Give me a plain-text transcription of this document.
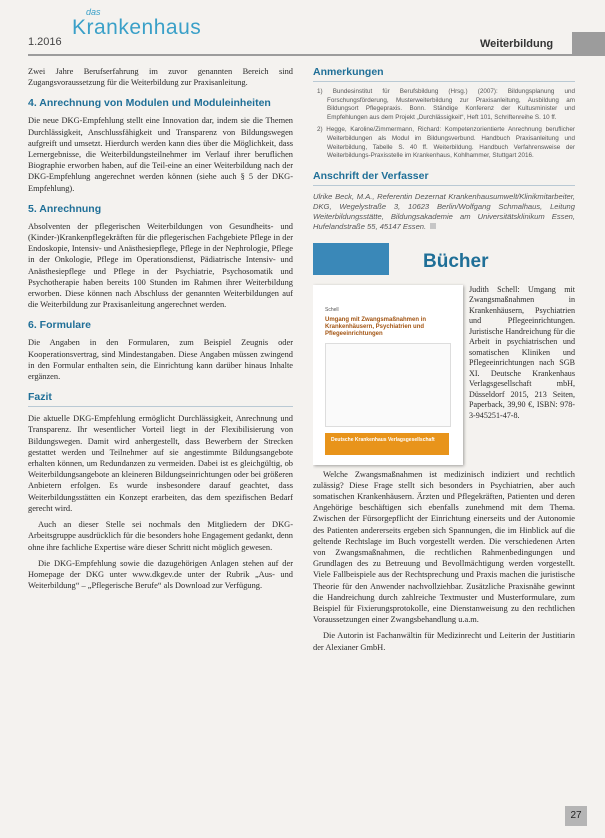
1.2016
das
Krankenhaus
Weiterbildung

Zwei Jahre Berufserfahrung im zuvor genannten Bereich sind Zugangsvoraussetzung für die Weiterbildung zur Praxisanleitung.

4. Anrechnung von Modulen und Moduleinheiten

Die neue DKG-Empfehlung stellt eine Innovation dar, indem sie die Themen Durchlässigkeit, Anschlussfähigkeit und Transparenz von Bildungswegen aufgreift und umsetzt. Hierdurch werden kann dies über die Möglichkeit, dass Lernergebnisse, die Weiterbildungsteilnehmer im Verlauf ihrer beruflichen Biographie erworben haben, auf die Teil-eine an einer Weiterbildung nach der DKG-Empfehlung angerechnet werden können (siehe auch § 5 der DKG-Empfehlung).

5. Anrechnung

Absolventen der pflegerischen Weiterbildungen von Gesundheits- und (Kinder-)Krankenpflegekräften für die pflegerischen Fachgebiete Pflege in der Endoskopie, Intensiv- und Anästhesiepflege, Pflege in der Nephrologie, Pflege in der Onkologie, Pflege im Operationsdienst, Pädiatrische Intensiv- und Anästhesiepflege und Pflege in der Psychiatrie, Psychosomatik und Psychotherapie haben bereits 100 Stunden im Rahmen ihrer Weiterbildung erworben. Diese können nach Abschluss der genannten Weiterbildungen auf die Weiterbildung zur Praxisanleitung angerechnet werden.

6. Formulare

Die Angaben in den Formularen, zum Beispiel Zeugnis oder Kooperationsvertrag, sind Mindestangaben. Diese Angaben müssen zwingend in den Formular enthalten sein, die Einrichtung kann darüber hinaus Inhalte ergänzen.

Fazit

Die aktuelle DKG-Empfehlung ermöglicht Durchlässigkeit, Anrechnung und Transparenz. Ihr wesentlicher Vorteil liegt in der Flexibilisierung von Bildungswegen. Damit wird anhergestellt, dass Bewerbern der Strecken gestattet werden und Teilnehmer auf sie angestimmte Bildungsangebote erhalten können, um Redundanzen zu vermeiden. Dabei ist es gleichgültig, ob Weiterbildungsangebote an kleineren Bildungseinrichtungen oder bei größeren Anbietern erfolgen. Es wurde insbesondere darauf geachtet, dass Weiterbildungsstätten ein Konzept erarbeiten, das dem spezifischen Bedarf gerecht wird.

Auch an dieser Stelle sei nochmals den Mitgliedern der DKG-Arbeitsgruppe ausdrücklich für die besonders hohe Engagement gedankt, denn ohne ihre fachliche Expertise wäre dieser Schritt nicht möglich gewesen.

Die DKG-Empfehlung sowie die dazugehörigen Anlagen stehen auf der Homepage der DKG unter www.dkgev.de unter der Rubrik „Aus- und Weiterbildung“ – „Pflegerische Berufe“ als Download zur Verfügung.

Anmerkungen
1) Bundesinstitut für Berufsbildung (Hrsg.) (2007): Bildungsplanung und Forschungsförderung, Musterweiterbildung zur Praxisanleitung, Ausbildung am Bildungsort Pflegepraxis. Bonn. Ständige Konferenz der Kultusminister und Empfehlungen aus dem Projekt „Durchlässigkeit“, Heft 101, Schriftenreihe S. 10 ff.
2) Hegge, Karoline/Zimmermann, Richard: Kompetenzorientierte Anrechnung beruflicher Weiterbildungen als Modul im Bildungsverbund. Handbuch Praxisanleitung und Weiterbildung, Tabelle S. 40 ff. Weiterbildung. Handbuch Verfahrensweise der Weiterbildungs-Praxisstelle im Krankenhaus, Kohlhammer, Stuttgart 2016.
Anschrift der Verfasser

Ulrike Beck, M.A., Referentin Dezernat Krankenhausumwelt/Klinikmitarbeiter, DKG, Wegelystraße 3, 10623 Berlin/Wolfgang Schmalhaus, Leitung Weiterbildungsstätte, Bildungsakademie am Universitätsklinikum Essen, Hufelandstraße 55, 45147 Essen.

Bücher
Schell
Umgang mit Zwangsmaßnahmen in Krankenhäusern, Psychiatrien und Pflegeeinrichtungen
Deutsche Krankenhaus Verlagsgesellschaft
Judith Schell: Umgang mit Zwangsmaßnahmen in Krankenhäusern, Psychiatrien und Pflegeeinrichtungen. Juristische Handreichung für die Arbeit in psychiatrischen und somatischen Kliniken und Pflegeeinrichtungen nach SGB XI. Deutsche Krankenhaus Verlagsgesellschaft mbH, Düsseldorf 2015, 213 Seiten, Paperback, 39,90 €, ISBN: 978-3-945251-47-8.

Welche Zwangsmaßnahmen ist medizinisch indiziert und rechtlich zulässig? Diese Frage stellt sich besonders in Psychiatrien, aber auch somatischen Krankenhäusern. Ärzten und Pflegekräften, Patienten und deren Angehörige beschäftigen sich ebenfalls zunehmend mit dem Thema. Zwischen der Fürsorgepflicht der Einrichtung einerseits und der Autonomie des Patienten andererseits ergeben sich Spannungen, die im Hinblick auf die geltende Rechtslage im Buch vorgestellt werden. Die verschiedenen Arten von Zwangsmaßnahmen, die rechtlichen Rahmenbedingungen und Grundlagen des zu Betreuung und Bevollmächtigung werden vorgestellt. Viele Fallbeispiele aus der Rechtsprechung und Praxis machen die juristische Theorie für den Anwender nachvollziehbar. Zusätzliche Praxisnähe gewinnt die Handreichung durch zahlreiche Textmuster und Musterformulare, zum Beispiel für Fixierungsprotokolle, eine Dienstanweisung zu den rechtlichen Voraussetzungen einer Zwangsbehandlung u.a.m.

Die Autorin ist Fachanwältin für Medizinrecht und Leiterin der Justitiarin der Alexianer GmbH.

27
